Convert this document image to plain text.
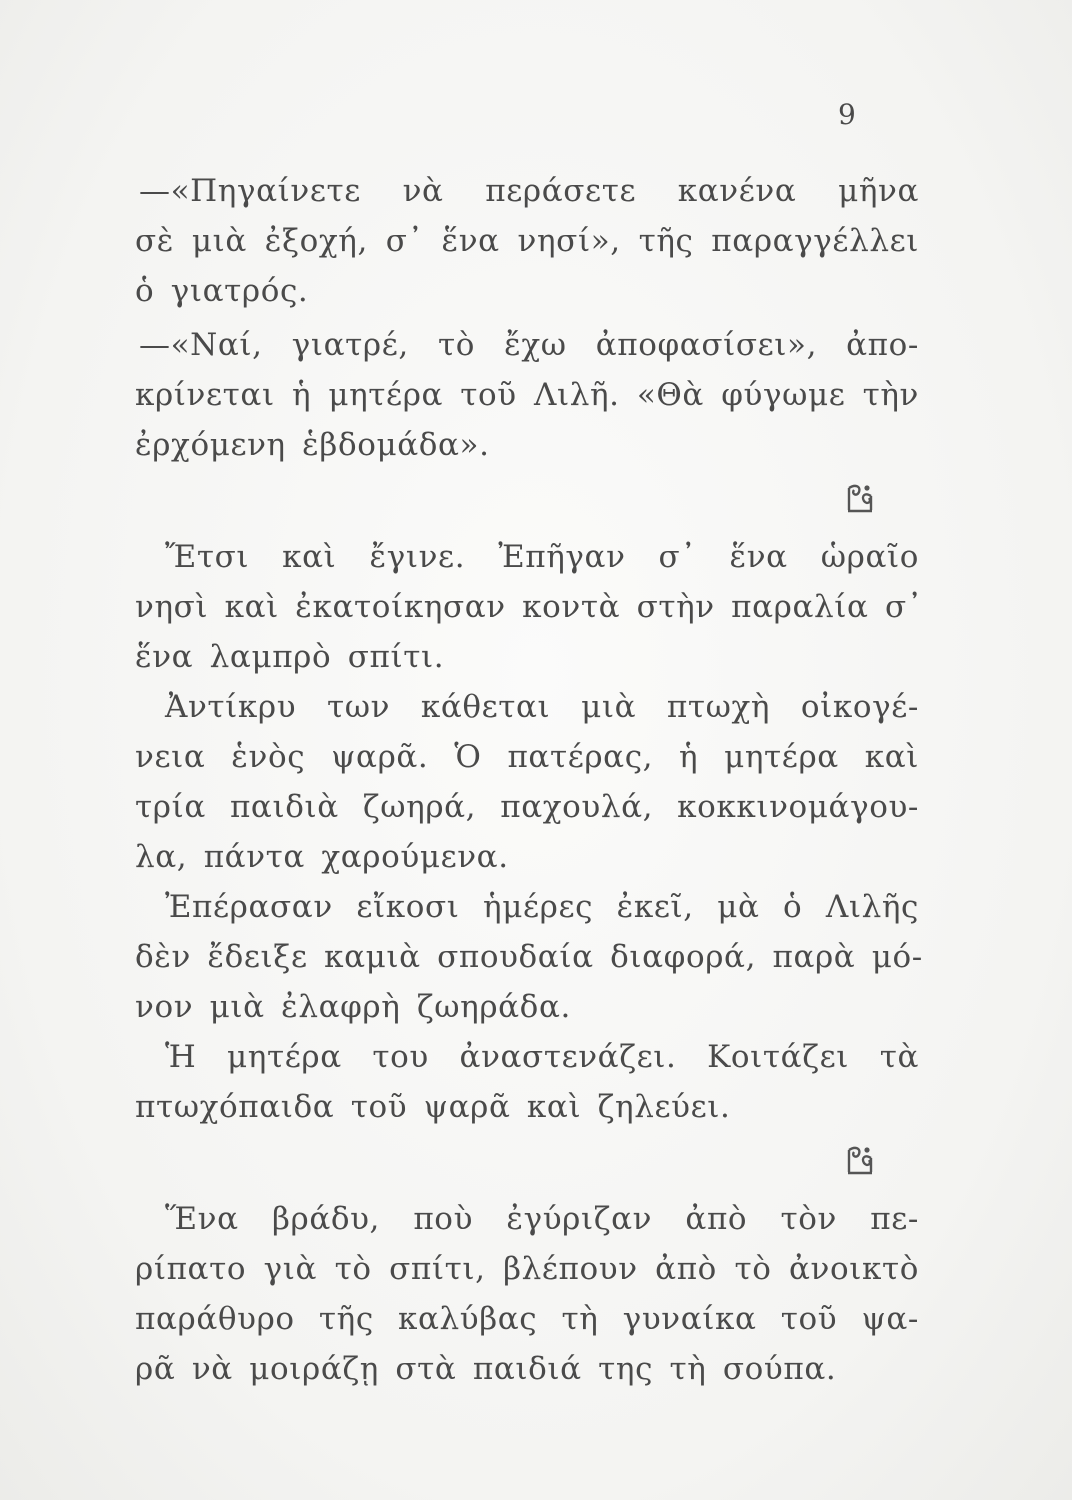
9
—«Πηγαίνετε νὰ περάσετε κανένα μῆνα
σὲ μιὰ ἐξοχή, σ᾿ ἕνα νησί», τῆς παραγγέλλει
ὁ γιατρός.
—«Ναί, γιατρέ, τὸ ἔχω ἀποφασίσει», ἀπο-
κρίνεται ἡ μητέρα τοῦ Λιλῆ. «Θὰ φύγωμε τὴν
ἐρχόμενη ἑβδομάδα».
Ἔτσι καὶ ἔγινε. Ἐπῆγαν σ᾿ ἕνα ὡραῖο
νησὶ καὶ ἐκατοίκησαν κοντὰ στὴν παραλία σ᾿
ἕνα λαμπρὸ σπίτι.
Ἀντίκρυ των κάθεται μιὰ πτωχὴ οἰκογέ-
νεια ἑνὸς ψαρᾶ. Ὁ πατέρας, ἡ μητέρα καὶ
τρία παιδιὰ ζωηρά, παχουλά, κοκκινομάγου-
λα, πάντα χαρούμενα.
Ἐπέρασαν εἴκοσι ἡμέρες ἐκεῖ, μὰ ὁ Λιλῆς
δὲν ἔδειξε καμιὰ σπουδαία διαφορά, παρὰ μό-
νον μιὰ ἐλαφρὴ ζωηράδα.
Ἡ μητέρα του ἀναστενάζει. Κοιτάζει τὰ
πτωχόπαιδα τοῦ ψαρᾶ καὶ ζηλεύει.
Ἕνα βράδυ, ποὺ ἐγύριζαν ἀπὸ τὸν πε-
ρίπατο γιὰ τὸ σπίτι, βλέπουν ἀπὸ τὸ ἀνοικτὸ
παράθυρο τῆς καλύβας τὴ γυναίκα τοῦ ψα-
ρᾶ νὰ μοιράζῃ στὰ παιδιά της τὴ σούπα.
